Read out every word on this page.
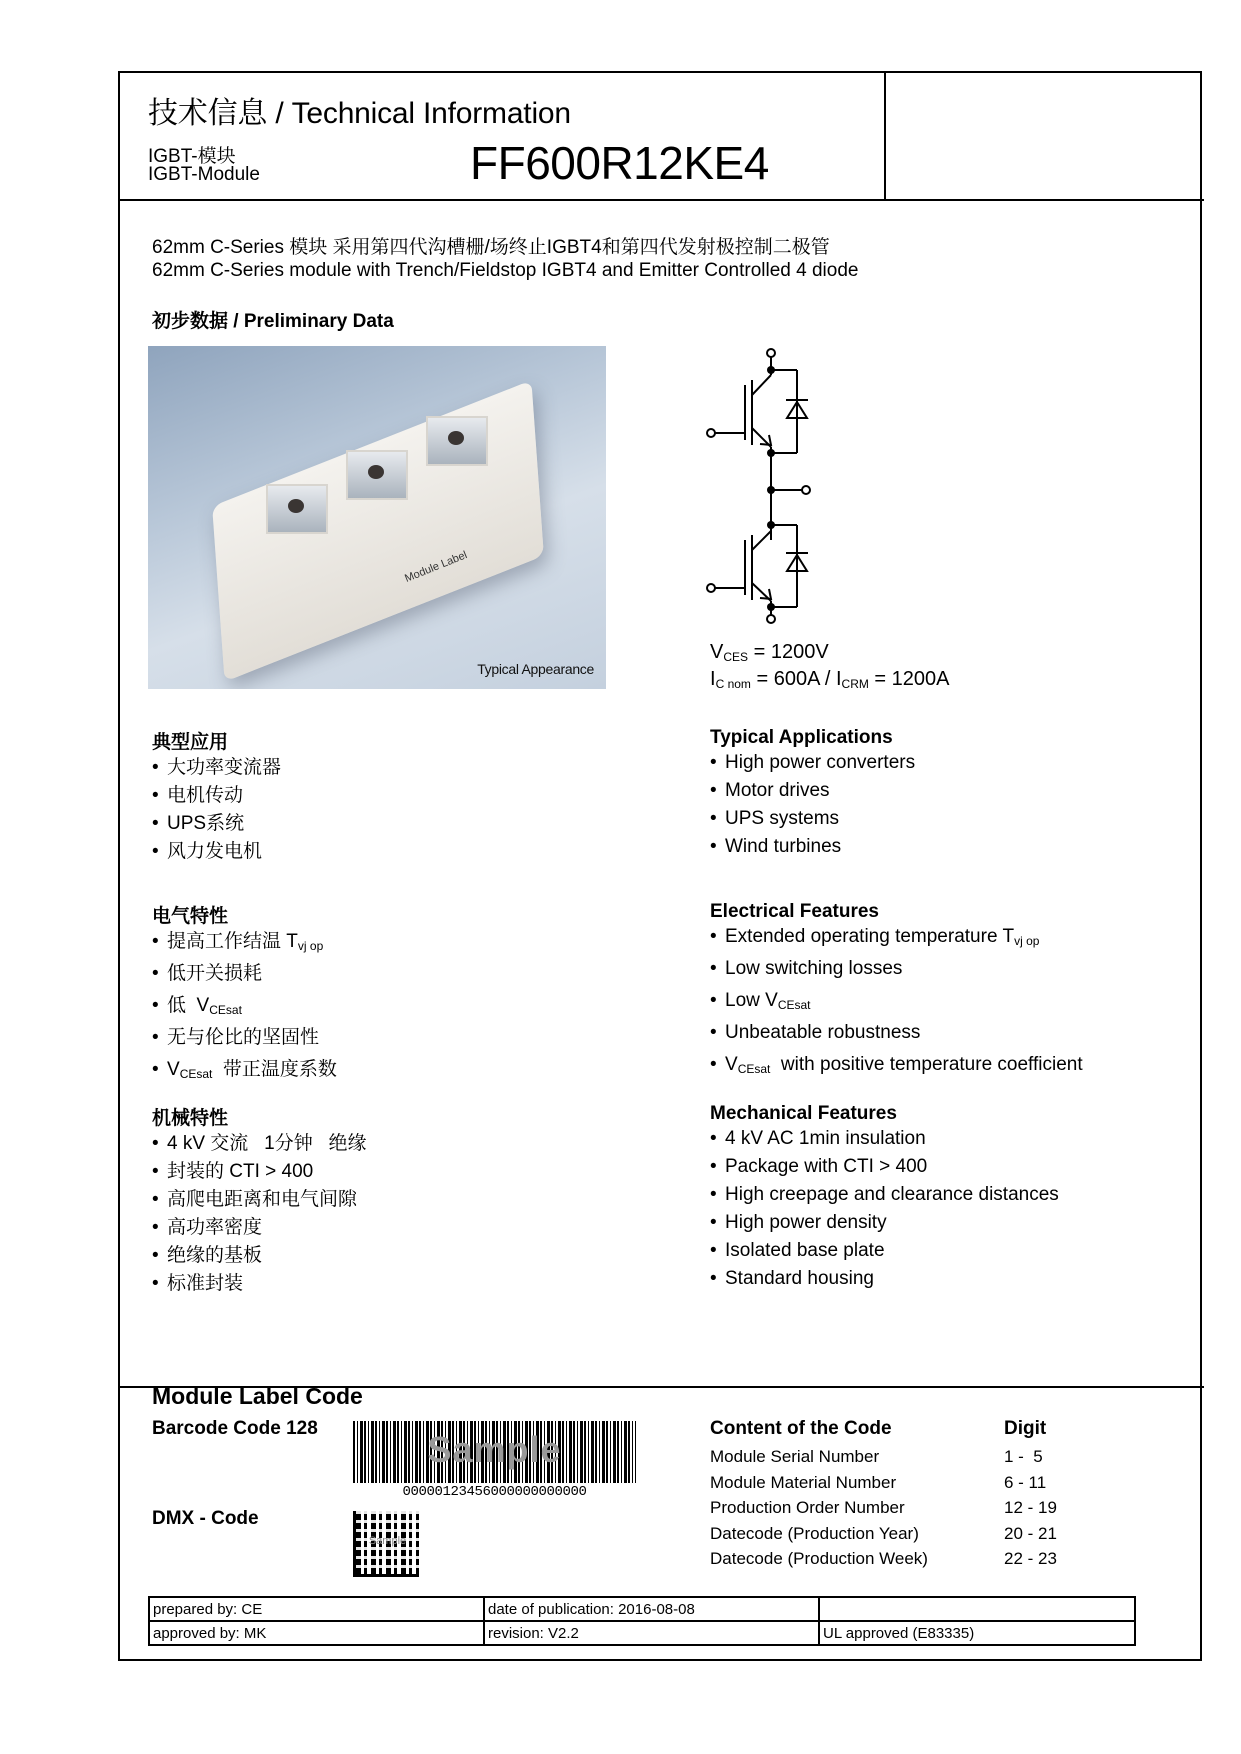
技术信息 / Technical Information
IGBT-模块
IGBT-Module	FF600R12KE4
62mm C-Series 模块 采用第四代沟槽栅/场终止IGBT4和第四代发射极控制二极管
62mm C-Series module with Trench/Fieldstop IGBT4 and Emitter Controlled 4 diode
初步数据 / Preliminary Data
Module Label
Typical Appearance
$V_{CES} = 1200V$
$I_{C nom} = 600A / I_{CRM} = 1200A$
典型应用
• 大功率变流器
• 电机传动
• UPS系统
• 风力发电机
Typical Applications
• High power converters
• Motor drives
• UPS systems
• Wind turbines
电气特性
• 提高工作结温 $T_{vj op}$
• 低开关损耗
• 低  $V_{CEsat}$
• 无与伦比的坚固性
• $V_{CEsat}$  带正温度系数
Electrical Features
• Extended operating temperature $T_{vj op}$
• Low switching losses
• Low $V_{CEsat}$
• Unbeatable robustness
• $V_{CEsat}$  with positive temperature coefficient
机械特性
• 4 kV 交流   1分钟   绝缘
• 封装的 CTI > 400
• 高爬电距离和电气间隙
• 高功率密度
• 绝缘的基板
• 标准封装
Mechanical Features
• 4 kV AC 1min insulation
• Package with CTI > 400
• High creepage and clearance distances
• High power density
• Isolated base plate
• Standard housing
Module Label Code
Barcode Code 128
Sample
00000123456000000000000
DMX - Code
Sample
Content of the Code	Digit
Module Serial Number	1 -  5
Module Material Number	6 - 11
Production Order Number	12 - 19
Datecode (Production Year)	20 - 21
Datecode (Production Week)	22 - 23
prepared by: CE	date of publication: 2016-08-08	
approved by: MK	revision: V2.2	UL approved (E83335)
